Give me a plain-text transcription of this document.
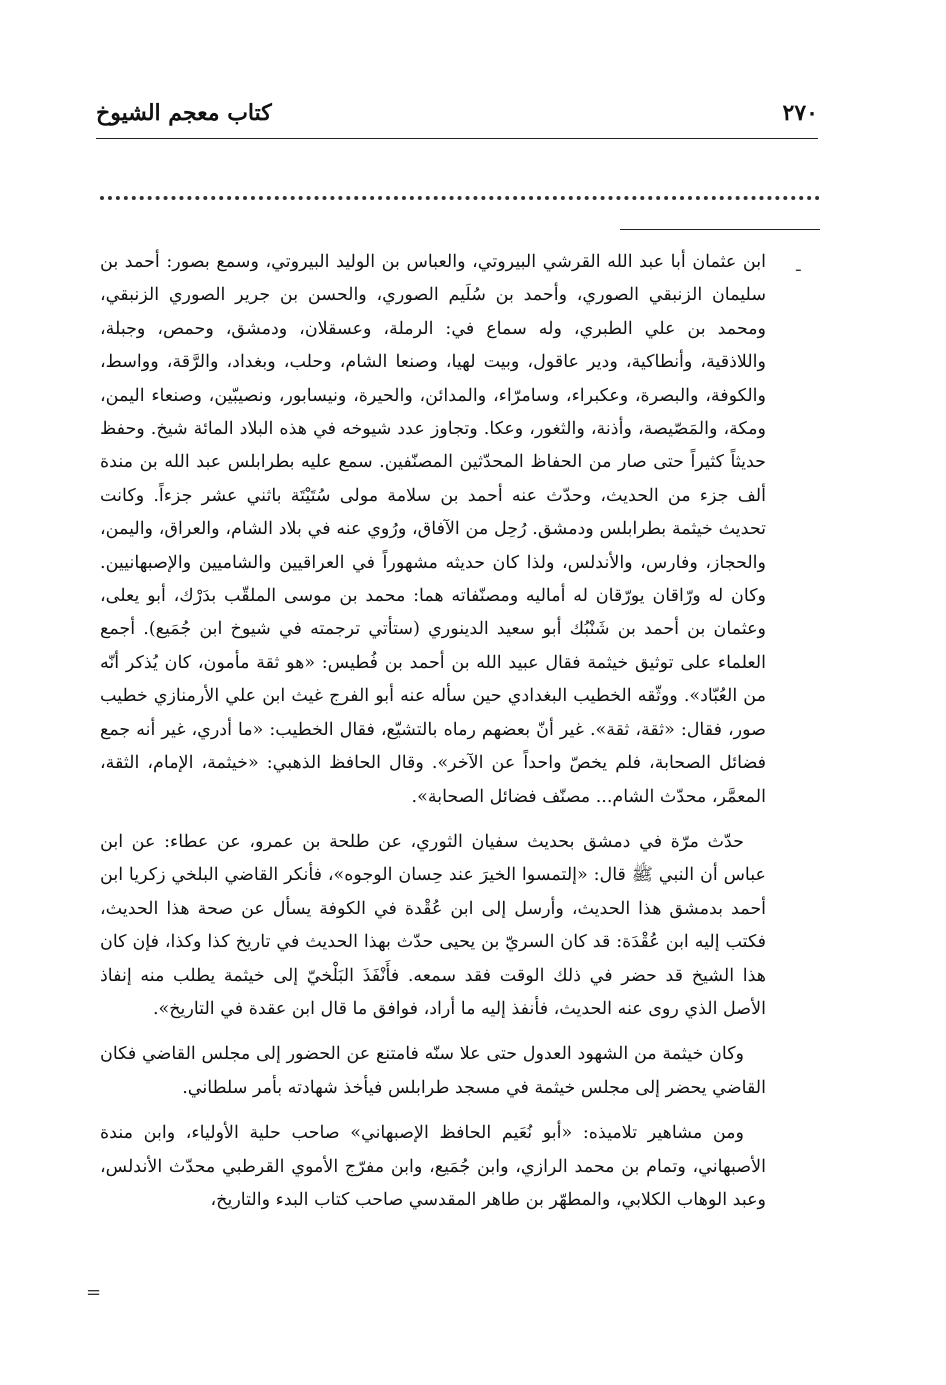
٢٧٠
كتاب معجم الشيوخ
ـ

ابن عثمان أبا عبد الله القرشي البيروتي، والعباس بن الوليد البيروتي، وسمع بصور: أحمد بن سليمان الزنبقي الصوري، وأحمد بن سُلَيم الصوري، والحسن بن جرير الصوري الزنبقي، ومحمد بن علي الطبري، وله سماع في: الرملة، وعسقلان، ودمشق، وحمص، وجبلة، واللاذقية، وأنطاكية، ودير عاقول، وبيت لهيا، وصنعا الشام، وحلب، وبغداد، والرَّقة، وواسط، والكوفة، والبصرة، وعكبراء، وسامرّاء، والمدائن، والحيرة، ونيسابور، ونصيبّين، وصنعاء اليمن، ومكة، والمَصّيصة، وأذنة، والثغور، وعكا. وتجاوز عدد شيوخه في هذه البلاد المائة شيخ. وحفظ حديثاً كثيراً حتى صار من الحفاظ المحدّثين المصنّفين. سمع عليه بطرابلس عبد الله بن مندة ألف جزء من الحديث، وحدّث عنه أحمد بن سلامة مولى سُتَيْتَة باثني عشر جزءاً. وكانت تحديث خيثمة بطرابلس ودمشق. رُحِل من الآفاق، ورُوي عنه في بلاد الشام، والعراق، واليمن، والحجاز، وفارس، والأندلس، ولذا كان حديثه مشهوراً في العراقيين والشاميين والإصبهانيين. وكان له ورّاقان يورّقان له أماليه ومصنّفاته هما: محمد بن موسى الملقّب بدَرْك، أبو يعلى، وعثمان بن أحمد بن شَنْبُك أبو سعيد الدينوري (ستأتي ترجمته في شيوخ ابن جُمَيع). أجمع العلماء على توثيق خيثمة فقال عبيد الله بن أحمد بن فُطيس: «هو ثقة مأمون، كان يُذكر أنّه من العُبّاد». ووثّقه الخطيب البغدادي حين سأله عنه أبو الفرج غيث ابن علي الأرمنازي خطيب صور، فقال: «ثقة، ثقة». غير أنّ بعضهم رماه بالتشيّع، فقال الخطيب: «ما أدري، غير أنه جمع فضائل الصحابة، فلم يخصّ واحداً عن الآخر». وقال الحافظ الذهبي: «خيثمة، الإمام، الثقة، المعمَّر، محدّث الشام... مصنّف فضائل الصحابة».

حدّث مرّة في دمشق بحديث سفيان الثوري، عن طلحة بن عمرو، عن عطاء: عن ابن عباس أن النبي ﷺ قال: «إلتمسوا الخيرَ عند حِسان الوجوه»، فأنكر القاضي البلخي زكريا ابن أحمد بدمشق هذا الحديث، وأرسل إلى ابن عُقْدة في الكوفة يسأل عن صحة هذا الحديث، فكتب إليه ابن عُقْدَة: قد كان السريّ بن يحيى حدّث بهذا الحديث في تاريخ كذا وكذا، فإن كان هذا الشيخ قد حضر في ذلك الوقت فقد سمعه. فأَنْفَذَ البَلْخيّ إلى خيثمة يطلب منه إنفاذ الأصل الذي روى عنه الحديث، فأنفذ إليه ما أراد، فوافق ما قال ابن عقدة في التاريخ».

وكان خيثمة من الشهود العدول حتى علا سنّه فامتنع عن الحضور إلى مجلس القاضي فكان القاضي يحضر إلى مجلس خيثمة في مسجد طرابلس فيأخذ شهادته بأمر سلطاني.

ومن مشاهير تلاميذه: «أبو نُعَيم الحافظ الإصبهاني» صاحب حلية الأولياء، وابن مندة الأصبهاني، وتمام بن محمد الرازي، وابن جُمَيع، وابن مفرّج الأموي القرطبي محدّث الأندلس، وعبد الوهاب الكلابي، والمطهّر بن طاهر المقدسي صاحب كتاب البدء والتاريخ،

=
